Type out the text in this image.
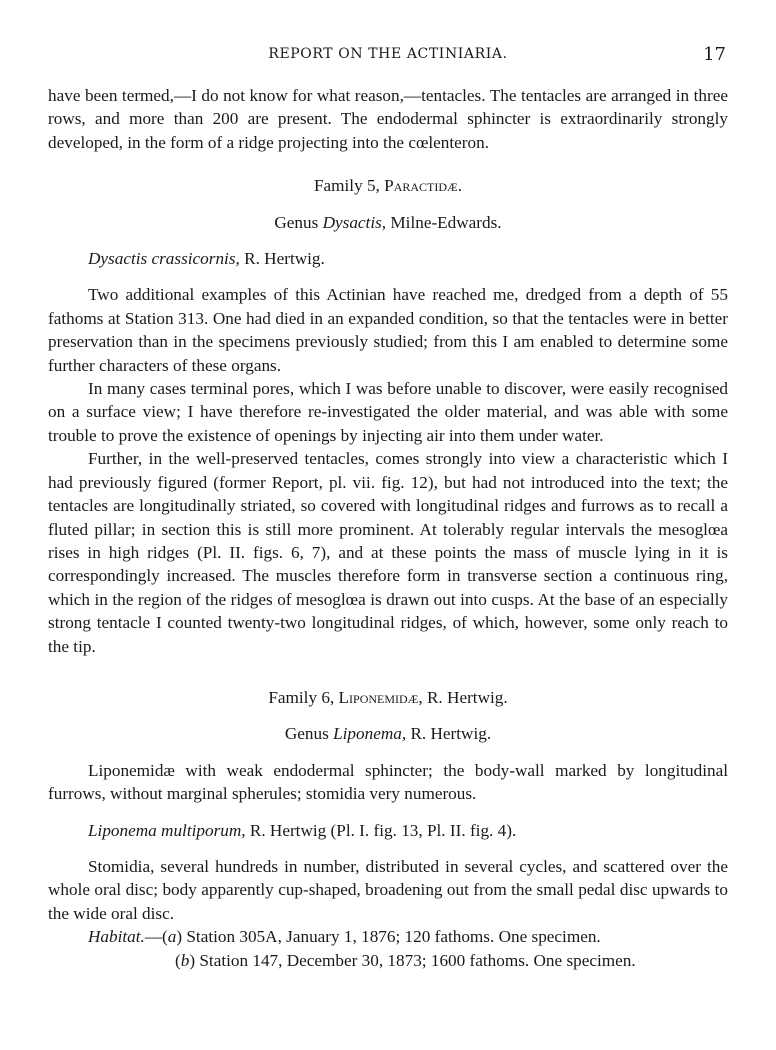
REPORT ON THE ACTINIARIA.	17

have been termed,—I do not know for what reason,—tentacles. The tentacles are arranged in three rows, and more than 200 are present. The endodermal sphincter is extraordinarily strongly developed, in the form of a ridge projecting into the cœlenteron.

Family 5, Paractidæ.

Genus Dysactis, Milne-Edwards.

Dysactis crassicornis, R. Hertwig.

Two additional examples of this Actinian have reached me, dredged from a depth of 55 fathoms at Station 313. One had died in an expanded condition, so that the tentacles were in better preservation than in the specimens previously studied; from this I am enabled to determine some further characters of these organs.

In many cases terminal pores, which I was before unable to discover, were easily recognised on a surface view; I have therefore re-investigated the older material, and was able with some trouble to prove the existence of openings by injecting air into them under water.

Further, in the well-preserved tentacles, comes strongly into view a characteristic which I had previously figured (former Report, pl. vii. fig. 12), but had not introduced into the text; the tentacles are longitudinally striated, so covered with longitudinal ridges and furrows as to recall a fluted pillar; in section this is still more prominent. At tolerably regular intervals the mesoglœa rises in high ridges (Pl. II. figs. 6, 7), and at these points the mass of muscle lying in it is correspondingly increased. The muscles therefore form in transverse section a continuous ring, which in the region of the ridges of mesoglœa is drawn out into cusps. At the base of an especially strong tentacle I counted twenty-two longitudinal ridges, of which, however, some only reach to the tip.

Family 6, Liponemidæ, R. Hertwig.

Genus Liponema, R. Hertwig.

Liponemidæ with weak endodermal sphincter; the body-wall marked by longitudinal furrows, without marginal spherules; stomidia very numerous.

Liponema multiporum, R. Hertwig (Pl. I. fig. 13, Pl. II. fig. 4).

Stomidia, several hundreds in number, distributed in several cycles, and scattered over the whole oral disc; body apparently cup-shaped, broadening out from the small pedal disc upwards to the wide oral disc.

Habitat.—(a) Station 305A, January 1, 1876; 120 fathoms. One specimen.

(b) Station 147, December 30, 1873; 1600 fathoms. One specimen.
